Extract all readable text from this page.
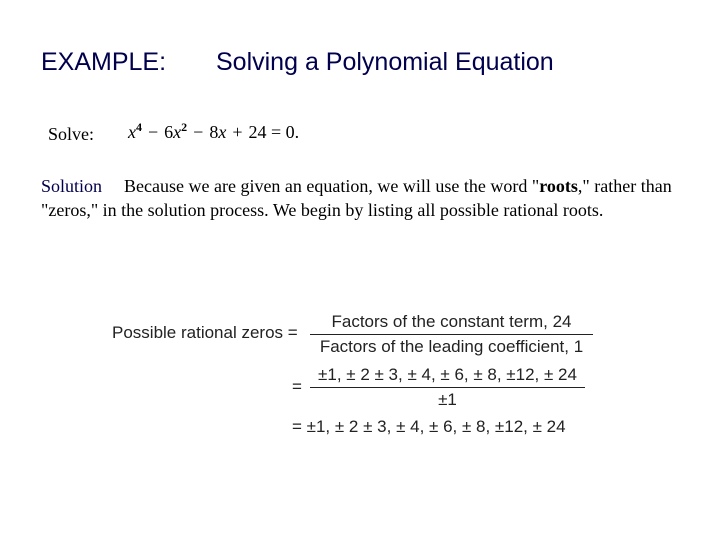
EXAMPLE: Solving a Polynomial Equation
Solve: $x^4 - 6x^2 - 8x + 24 = 0$.
Solution Because we are given an equation, we will use the word "roots," rather than "zeros," in the solution process. We begin by listing all possible rational roots.
Possible rational zeros =
Factors of the constant term, 24
Factors of the leading coefficient, 1
=
±1, ± 2 ± 3, ± 4, ± 6, ± 8, ±12, ± 24
±1
= ±1, ± 2 ± 3, ± 4, ± 6, ± 8, ±12, ± 24
